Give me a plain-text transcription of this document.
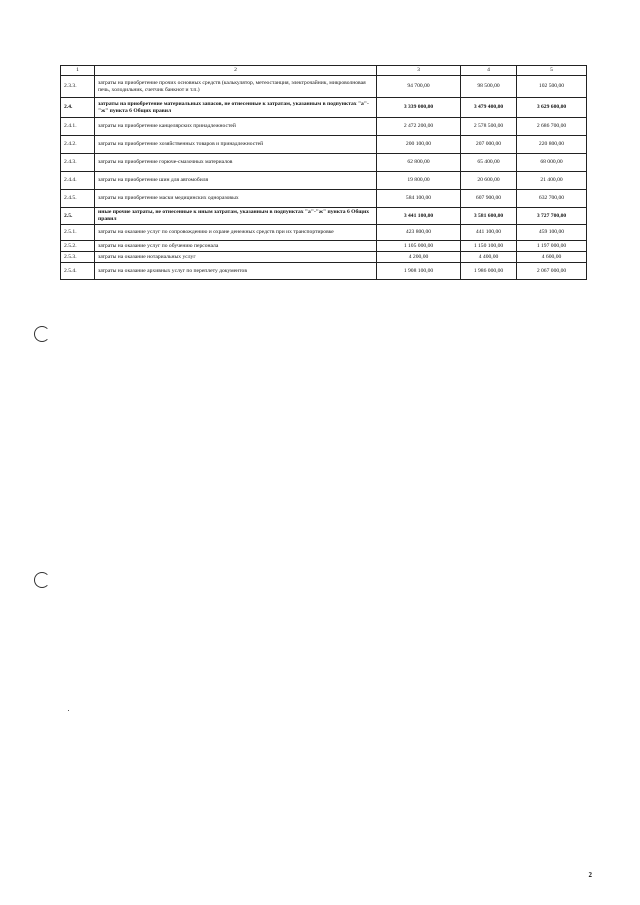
1	2	3	4	5
2.3.3.	затраты на приобретение прочих основных средств (калькулятор, метеостанция, электрочайник, микроволновая печь, холодильник, счетчик банкнот и т.п.)	94 700,00	98 500,00	102 500,00
2.4.	затраты на приобретение материальных запасов, не отнесенные к затратам, указанным в подпунктах "а"-"ж" пункта 6 Общих правил	3 339 000,00	3 479 400,00	3 629 600,00
2.4.1.	затраты на приобретение канцелярских принадлежностей	2 472 200,00	2 578 500,00	2 686 700,00
2.4.2.	затраты на приобретение хозяйственных товаров и принадлежностей	200 100,00	207 000,00	220 800,00
2.4.3.	затраты на приобретение горюче-смазочных материалов	62 800,00	65 400,00	68 000,00
2.4.4.	затраты на приобретение шин для автомобиля	19 800,00	20 600,00	21 400,00
2.4.5.	затраты на приобретение маски медицинских одноразовых	584 100,00	607 900,00	632 700,00
2.5.	иные прочие затраты, не отнесенные к иным затратам, указанным в подпунктах "а"-"ж" пункта 6 Общих правил	3 441 100,00	3 581 600,00	3 727 700,00
2.5.1.	затраты на оказание услуг по сопровождению и охране денежных средств при их транспортировке	423 800,00	441 100,00	459 100,00
2.5.2.	затраты на оказание услуг по обучению персонала	1 105 000,00	1 150 100,00	1 197 000,00
2.5.3.	затраты на оказание нотариальных услуг	4 200,00	4 400,00	4 600,00
2.5.4.	затраты на оказание архивных услуг по переплету документов	1 908 100,00	1 986 000,00	2 067 000,00
2
